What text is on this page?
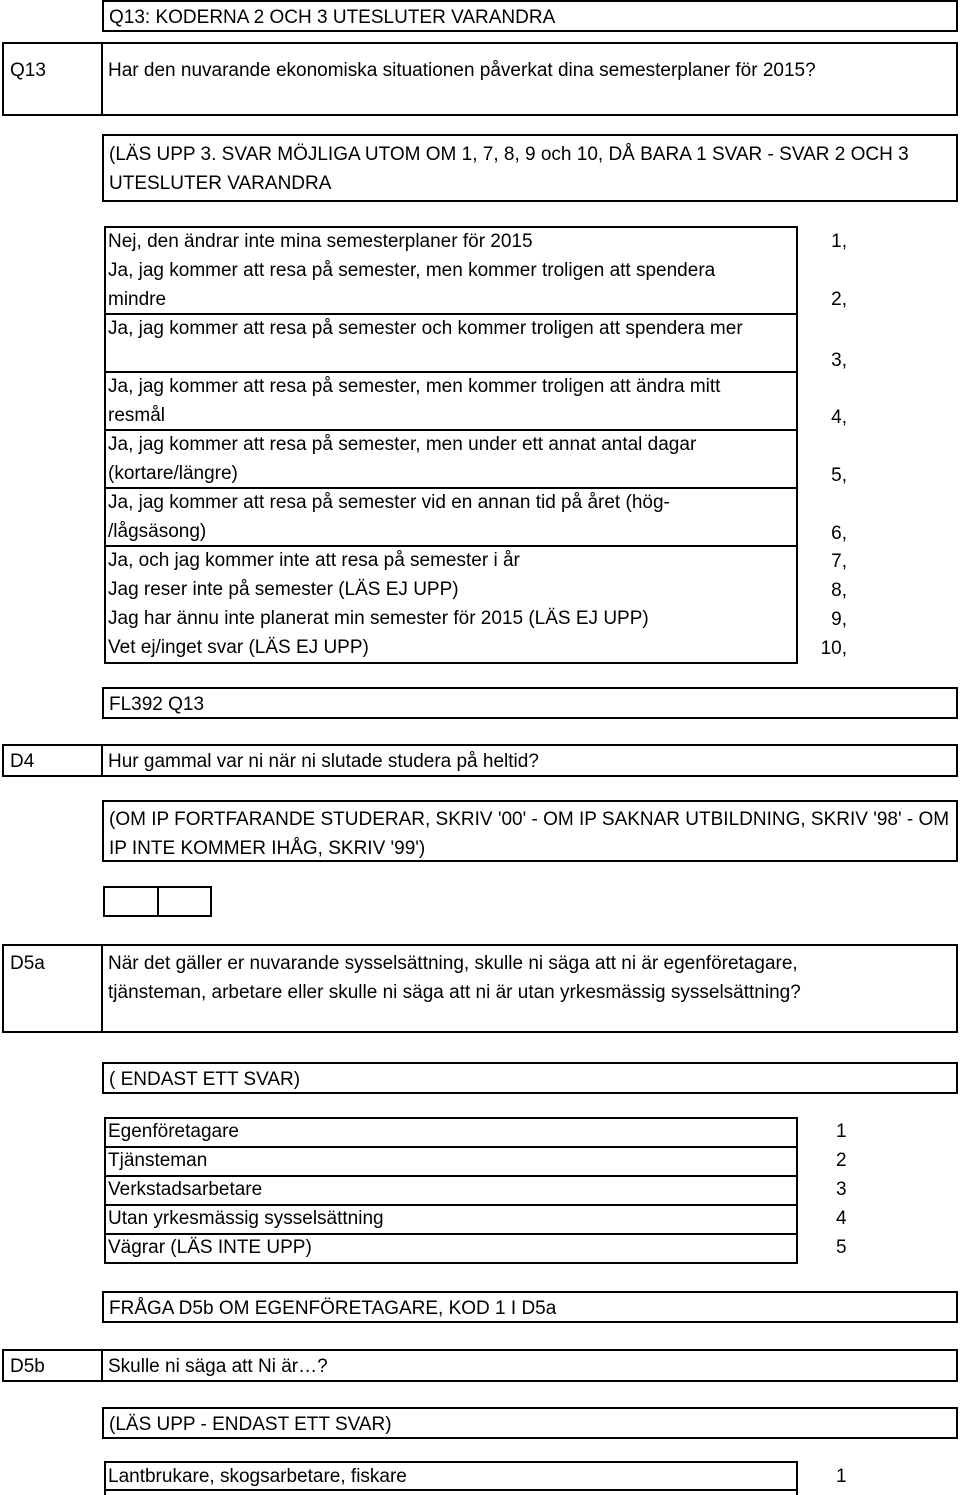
Q13: KODERNA 2 OCH 3 UTESLUTER VARANDRA
Q13	Har den nuvarande ekonomiska situationen påverkat dina semesterplaner för 2015?
(LÄS UPP 3. SVAR MÖJLIGA UTOM OM 1, 7, 8, 9 och 10, DÅ BARA 1 SVAR - SVAR 2 OCH 3
UTESLUTER VARANDRA
Nej, den ändrar inte mina semesterplaner för 2015	1,
Ja, jag kommer att resa på semester, men kommer troligen att spendera
mindre	2,
Ja, jag kommer att resa på semester och kommer troligen att spendera mer
3,
Ja, jag kommer att resa på semester, men kommer troligen att ändra mitt
resmål	4,
Ja, jag kommer att resa på semester, men under ett annat antal dagar
(kortare/längre)	5,
Ja, jag kommer att resa på semester vid en annan tid på året (hög-
/lågsäsong)	6,
Ja, och jag kommer inte att resa på semester i år	7,
Jag reser inte på semester (LÄS EJ UPP)	8,
Jag har ännu inte planerat min semester för 2015 (LÄS EJ UPP)	9,
Vet ej/inget svar (LÄS EJ UPP)	10,
FL392 Q13
D4	Hur gammal var ni när ni slutade studera på heltid?
(OM IP FORTFARANDE STUDERAR, SKRIV '00' - OM IP SAKNAR UTBILDNING, SKRIV '98' - OM
IP INTE KOMMER IHÅG, SKRIV '99')
D5a	När det gäller er nuvarande sysselsättning, skulle ni säga att ni är egenföretagare,
tjänsteman, arbetare eller skulle ni säga att ni är utan yrkesmässig sysselsättning?
( ENDAST ETT SVAR)
Egenföretagare	1
Tjänsteman	2
Verkstadsarbetare	3
Utan yrkesmässig sysselsättning	4
Vägrar (LÄS INTE UPP)	5
FRÅGA D5b OM EGENFÖRETAGARE, KOD 1 I D5a
D5b	Skulle ni säga att Ni är…?
(LÄS UPP - ENDAST ETT SVAR)
Lantbrukare, skogsarbetare, fiskare	1
